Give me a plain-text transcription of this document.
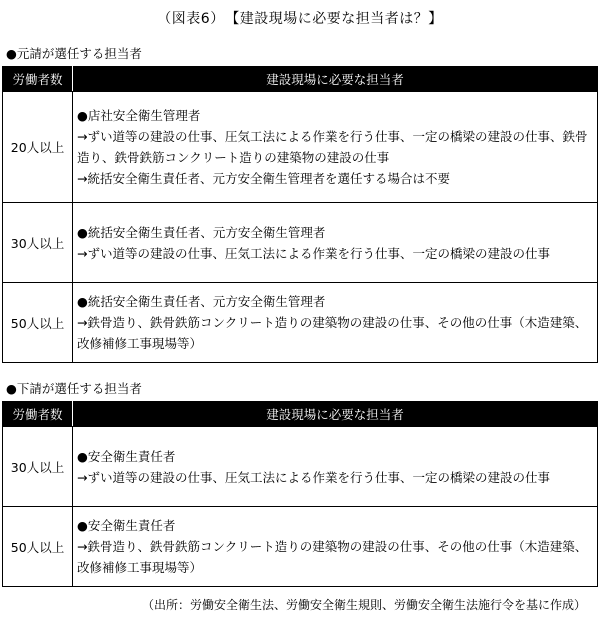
（図表6）　【建設現場に必要な担当者は？】
●元請が選任する担当者
労働者数	建設現場に必要な担当者
20人以上	●店社安全衛生管理者
→ずい道等の建設の仕事、圧気工法による作業を行う仕事、一定の橋梁の建設の仕事、鉄骨造り、鉄骨鉄筋コンクリート造りの建築物の建設の仕事
→統括安全衛生責任者、元方安全衛生管理者を選任する場合は不要

30人以上	●統括安全衛生責任者、元方安全衛生管理者
→ずい道等の建設の仕事、圧気工法による作業を行う仕事、一定の橋梁の建設の仕事

50人以上	●統括安全衛生責任者、元方安全衛生管理者
→鉄骨造り、鉄骨鉄筋コンクリート造りの建築物の建設の仕事、その他の仕事（木造建築、改修補修工事現場等）
●下請が選任する担当者
労働者数	建設現場に必要な担当者
30人以上	●安全衛生責任者
→ずい道等の建設の仕事、圧気工法による作業を行う仕事、一定の橋梁の建設の仕事

50人以上	●安全衛生責任者
→鉄骨造り、鉄骨鉄筋コンクリート造りの建築物の建設の仕事、その他の仕事（木造建築、改修補修工事現場等）
（出所：労働安全衛生法、労働安全衛生規則、労働安全衛生法施行令を基に作成）
